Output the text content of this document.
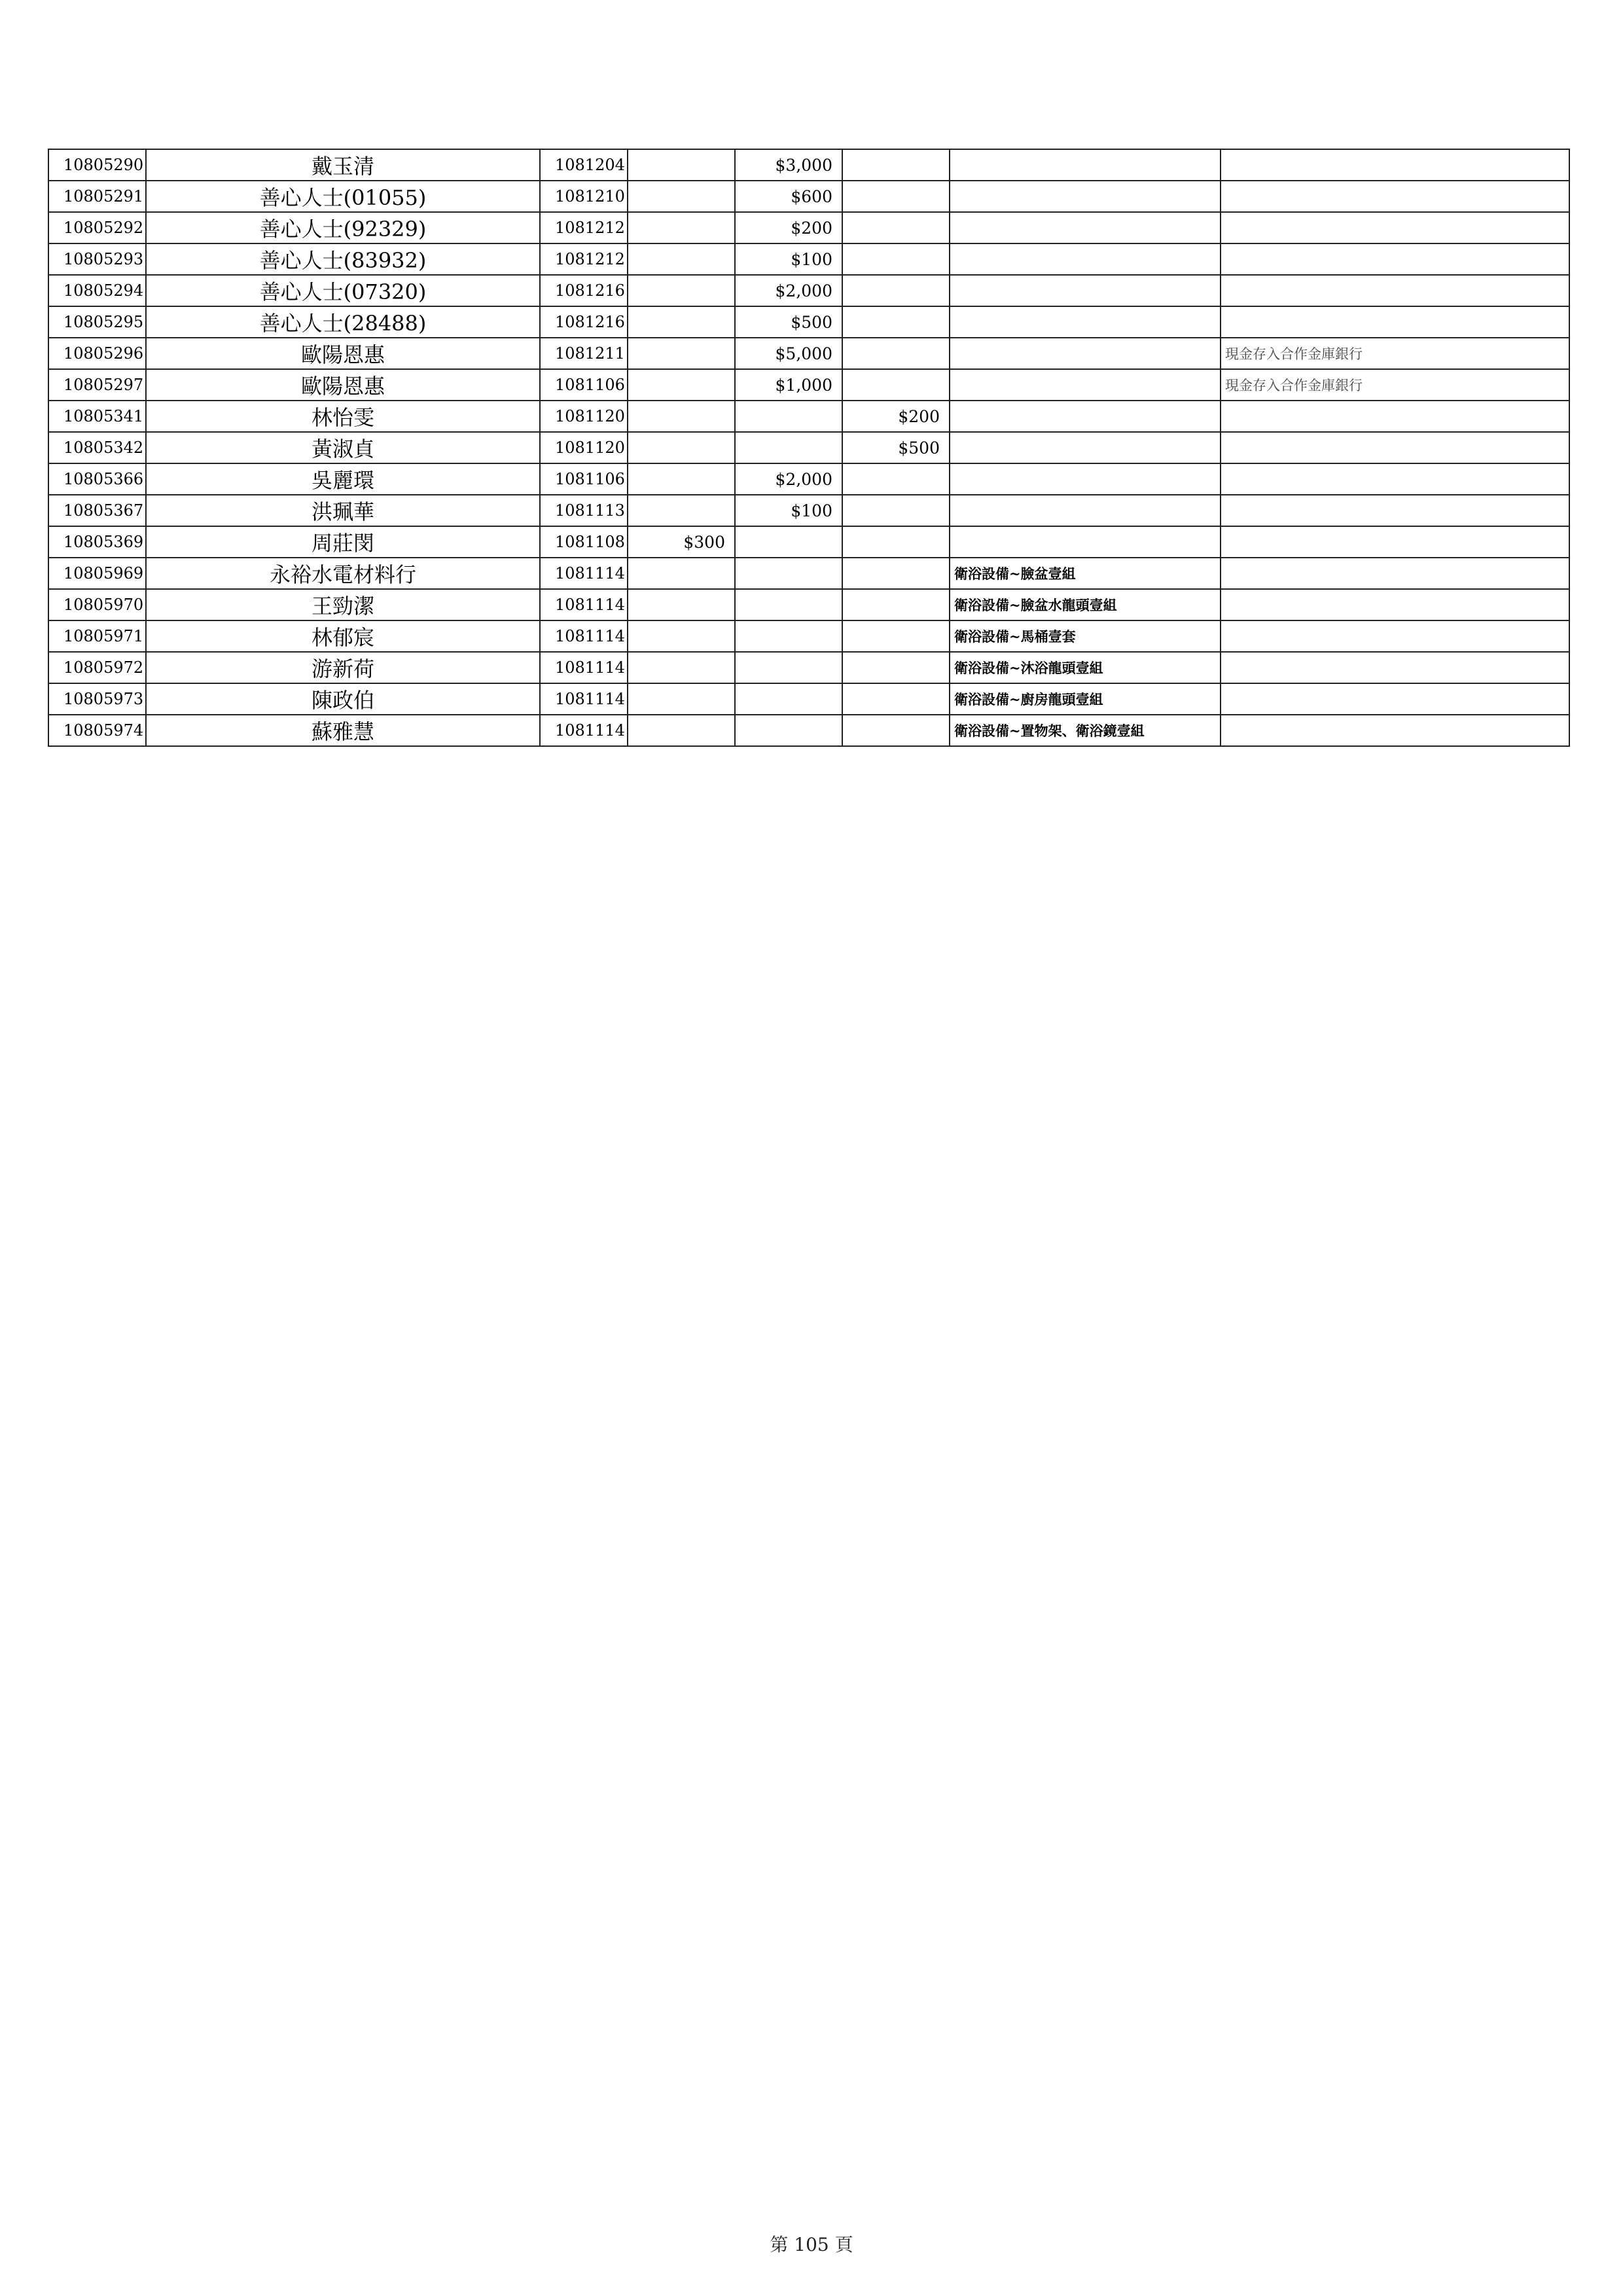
10805290	戴玉清	1081204		$3,000			
10805291	善心人士(01055)	1081210		$600			
10805292	善心人士(92329)	1081212		$200			
10805293	善心人士(83932)	1081212		$100			
10805294	善心人士(07320)	1081216		$2,000			
10805295	善心人士(28488)	1081216		$500			
10805296	歐陽恩惠	1081211		$5,000			現金存入合作金庫銀行
10805297	歐陽恩惠	1081106		$1,000			現金存入合作金庫銀行
10805341	林怡雯	1081120			$200		
10805342	黃淑貞	1081120			$500		
10805366	吳麗環	1081106		$2,000			
10805367	洪珮華	1081113		$100			
10805369	周莊閔	1081108	$300				
10805969	永裕水電材料行	1081114				衛浴設備~臉盆壹組	
10805970	王勁潔	1081114				衛浴設備~臉盆水龍頭壹組	
10805971	林郁宸	1081114				衛浴設備~馬桶壹套	
10805972	游新荷	1081114				衛浴設備~沐浴龍頭壹組	
10805973	陳政伯	1081114				衛浴設備~廚房龍頭壹組	
10805974	蘇雅慧	1081114				衛浴設備~置物架、衛浴鏡壹組	
第 105 頁
